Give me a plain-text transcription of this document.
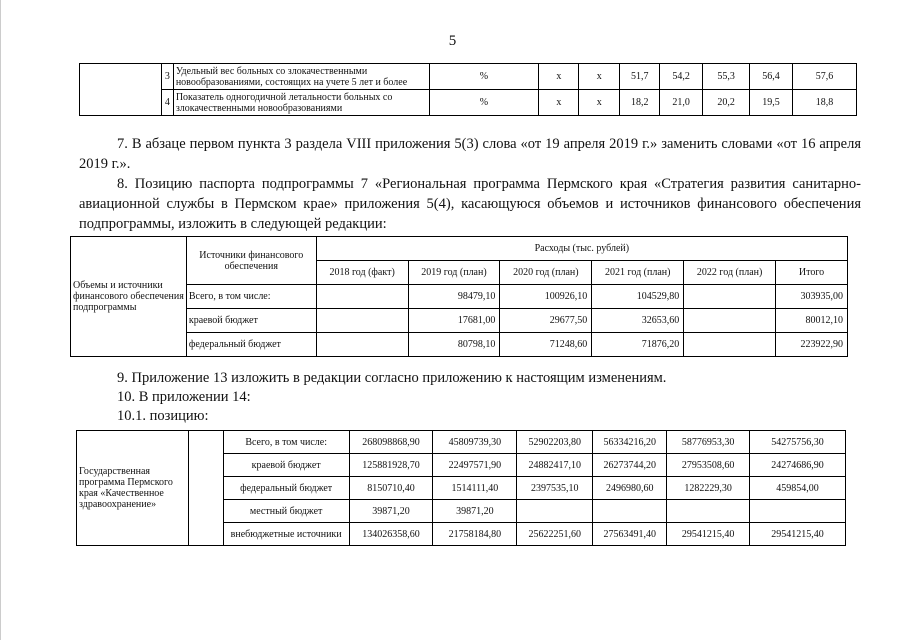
5
	3	Удельный вес больных со злокачественными новообразованиями, состоящих на учете 5 лет и более	%	х	х	51,7	54,2	55,3	56,4	57,6
	4	Показатель одногодичной летальности больных со злокачественными новообразованиями	%	х	х	18,2	21,0	20,2	19,5	18,8
7. В абзаце первом пункта 3 раздела VIII приложения 5(3) слова «от 19 апреля 2019 г.» заменить словами «от 16 апреля 2019 г.».
8. Позицию паспорта подпрограммы 7 «Региональная программа Пермского края «Стратегия развития санитарно-авиационной службы в Пермском крае» приложения 5(4), касающуюся объемов и источников финансового обеспечения подпрограммы, изложить в следующей редакции:
Объемы и источники финансового обеспечения подпрограммы	Источники финансового обеспечения	Расходы (тыс. рублей)					
		2018 год (факт)	2019 год (план)	2020 год (план)	2021 год (план)	2022 год (план)	Итого
	Всего, в том числе:		98479,10	100926,10	104529,80		303935,00
	краевой бюджет		17681,00	29677,50	32653,60		80012,10
	федеральный бюджет		80798,10	71248,60	71876,20		223922,90
9. Приложение 13 изложить в редакции согласно приложению к настоящим изменениям.
10. В приложении 14:
10.1. позицию:
Государственная программа Пермского края «Качественное здравоохранение»		Всего, в том числе:	268098868,90	45809739,30	52902203,80	56334216,20	58776953,30	54275756,30
		краевой бюджет	125881928,70	22497571,90	24882417,10	26273744,20	27953508,60	24274686,90
		федеральный бюджет	8150710,40	1514111,40	2397535,10	2496980,60	1282229,30	459854,00
		местный бюджет	39871,20	39871,20				
		внебюджетные источники	134026358,60	21758184,80	25622251,60	27563491,40	29541215,40	29541215,40
